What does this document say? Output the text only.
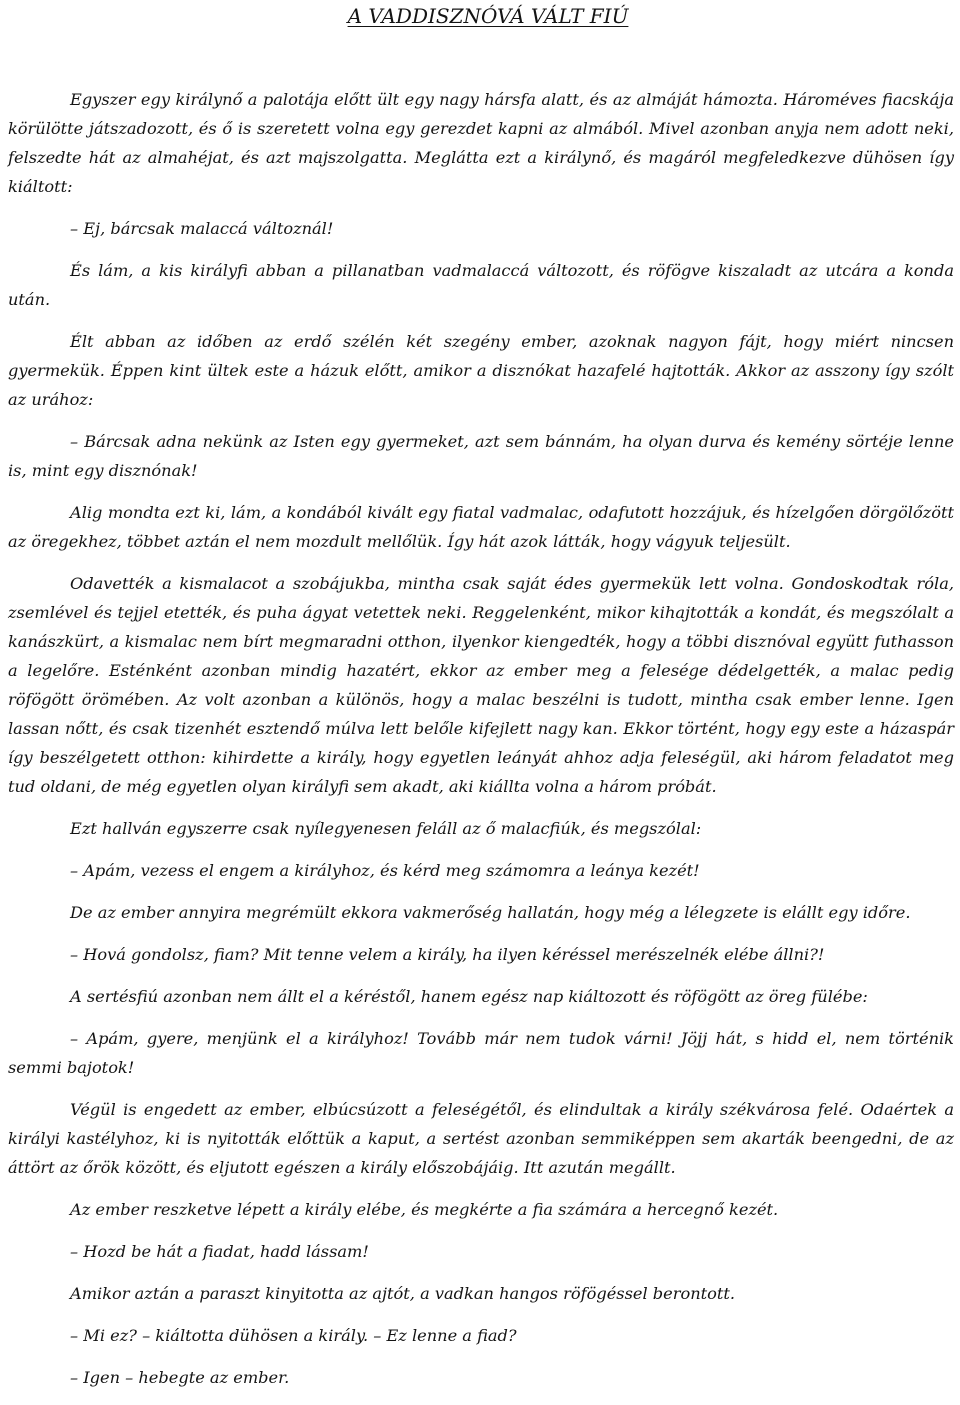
A VADDISZNÓVÁ VÁLT FIÚ

Egyszer egy királynő a palotája előtt ült egy nagy hársfa alatt, és az almáját hámozta. Hároméves fiacskája körülötte játszadozott, és ő is szeretett volna egy gerezdet kapni az almából. Mivel azonban anyja nem adott neki, felszedte hát az almahéjat, és azt majszolgatta. Meglátta ezt a királynő, és magáról megfeledkezve dühösen így kiáltott:

– Ej, bárcsak malaccá változnál!

És lám, a kis királyfi abban a pillanatban vadmalaccá változott, és röfögve kiszaladt az utcára a konda után.

Élt abban az időben az erdő szélén két szegény ember, azoknak nagyon fájt, hogy miért nincsen gyermekük. Éppen kint ültek este a házuk előtt, amikor a disznókat hazafelé hajtották. Akkor az asszony így szólt az urához:

– Bárcsak adna nekünk az Isten egy gyermeket, azt sem bánnám, ha olyan durva és kemény sörtéje lenne is, mint egy disznónak!

Alig mondta ezt ki, lám, a kondából kivált egy fiatal vadmalac, odafutott hozzájuk, és hízelgően dörgölőzött az öregekhez, többet aztán el nem mozdult mellőlük. Így hát azok látták, hogy vágyuk teljesült.

Odavették a kismalacot a szobájukba, mintha csak saját édes gyermekük lett volna. Gondoskodtak róla, zsemlével és tejjel etették, és puha ágyat vetettek neki. Reggelenként, mikor kihajtották a kondát, és megszólalt a kanászkürt, a kismalac nem bírt megmaradni otthon, ilyenkor kiengedték, hogy a többi disznóval együtt futhasson a legelőre. Esténként azonban mindig hazatért, ekkor az ember meg a felesége dédelgették, a malac pedig röfögött örömében. Az volt azonban a különös, hogy a malac beszélni is tudott, mintha csak ember lenne. Igen lassan nőtt, és csak tizenhét esztendő múlva lett belőle kifejlett nagy kan. Ekkor történt, hogy egy este a házaspár így beszélgetett otthon: kihirdette a király, hogy egyetlen leányát ahhoz adja feleségül, aki három feladatot meg tud oldani, de még egyetlen olyan királyfi sem akadt, aki kiállta volna a három próbát.

Ezt hallván egyszerre csak nyílegyenesen feláll az ő malacfiúk, és megszólal:

– Apám, vezess el engem a királyhoz, és kérd meg számomra a leánya kezét!

De az ember annyira megrémült ekkora vakmerőség hallatán, hogy még a lélegzete is elállt egy időre.

– Hová gondolsz, fiam? Mit tenne velem a király, ha ilyen kéréssel merészelnék elébe állni?!

A sertésfiú azonban nem állt el a kéréstől, hanem egész nap kiáltozott és röfögött az öreg fülébe:

– Apám, gyere, menjünk el a királyhoz! Tovább már nem tudok várni! Jöjj hát, s hidd el, nem történik semmi bajotok!

Végül is engedett az ember, elbúcsúzott a feleségétől, és elindultak a király székvárosa felé. Odaértek a királyi kastélyhoz, ki is nyitották előttük a kaput, a sertést azonban semmiképpen sem akarták beengedni, de az áttört az őrök között, és eljutott egészen a király előszobájáig. Itt azután megállt.

Az ember reszketve lépett a király elébe, és megkérte a fia számára a hercegnő kezét.

– Hozd be hát a fiadat, hadd lássam!

Amikor aztán a paraszt kinyitotta az ajtót, a vadkan hangos röfögéssel berontott.

– Mi ez? – kiáltotta dühösen a király. – Ez lenne a fiad?

– Igen – hebegte az ember.
